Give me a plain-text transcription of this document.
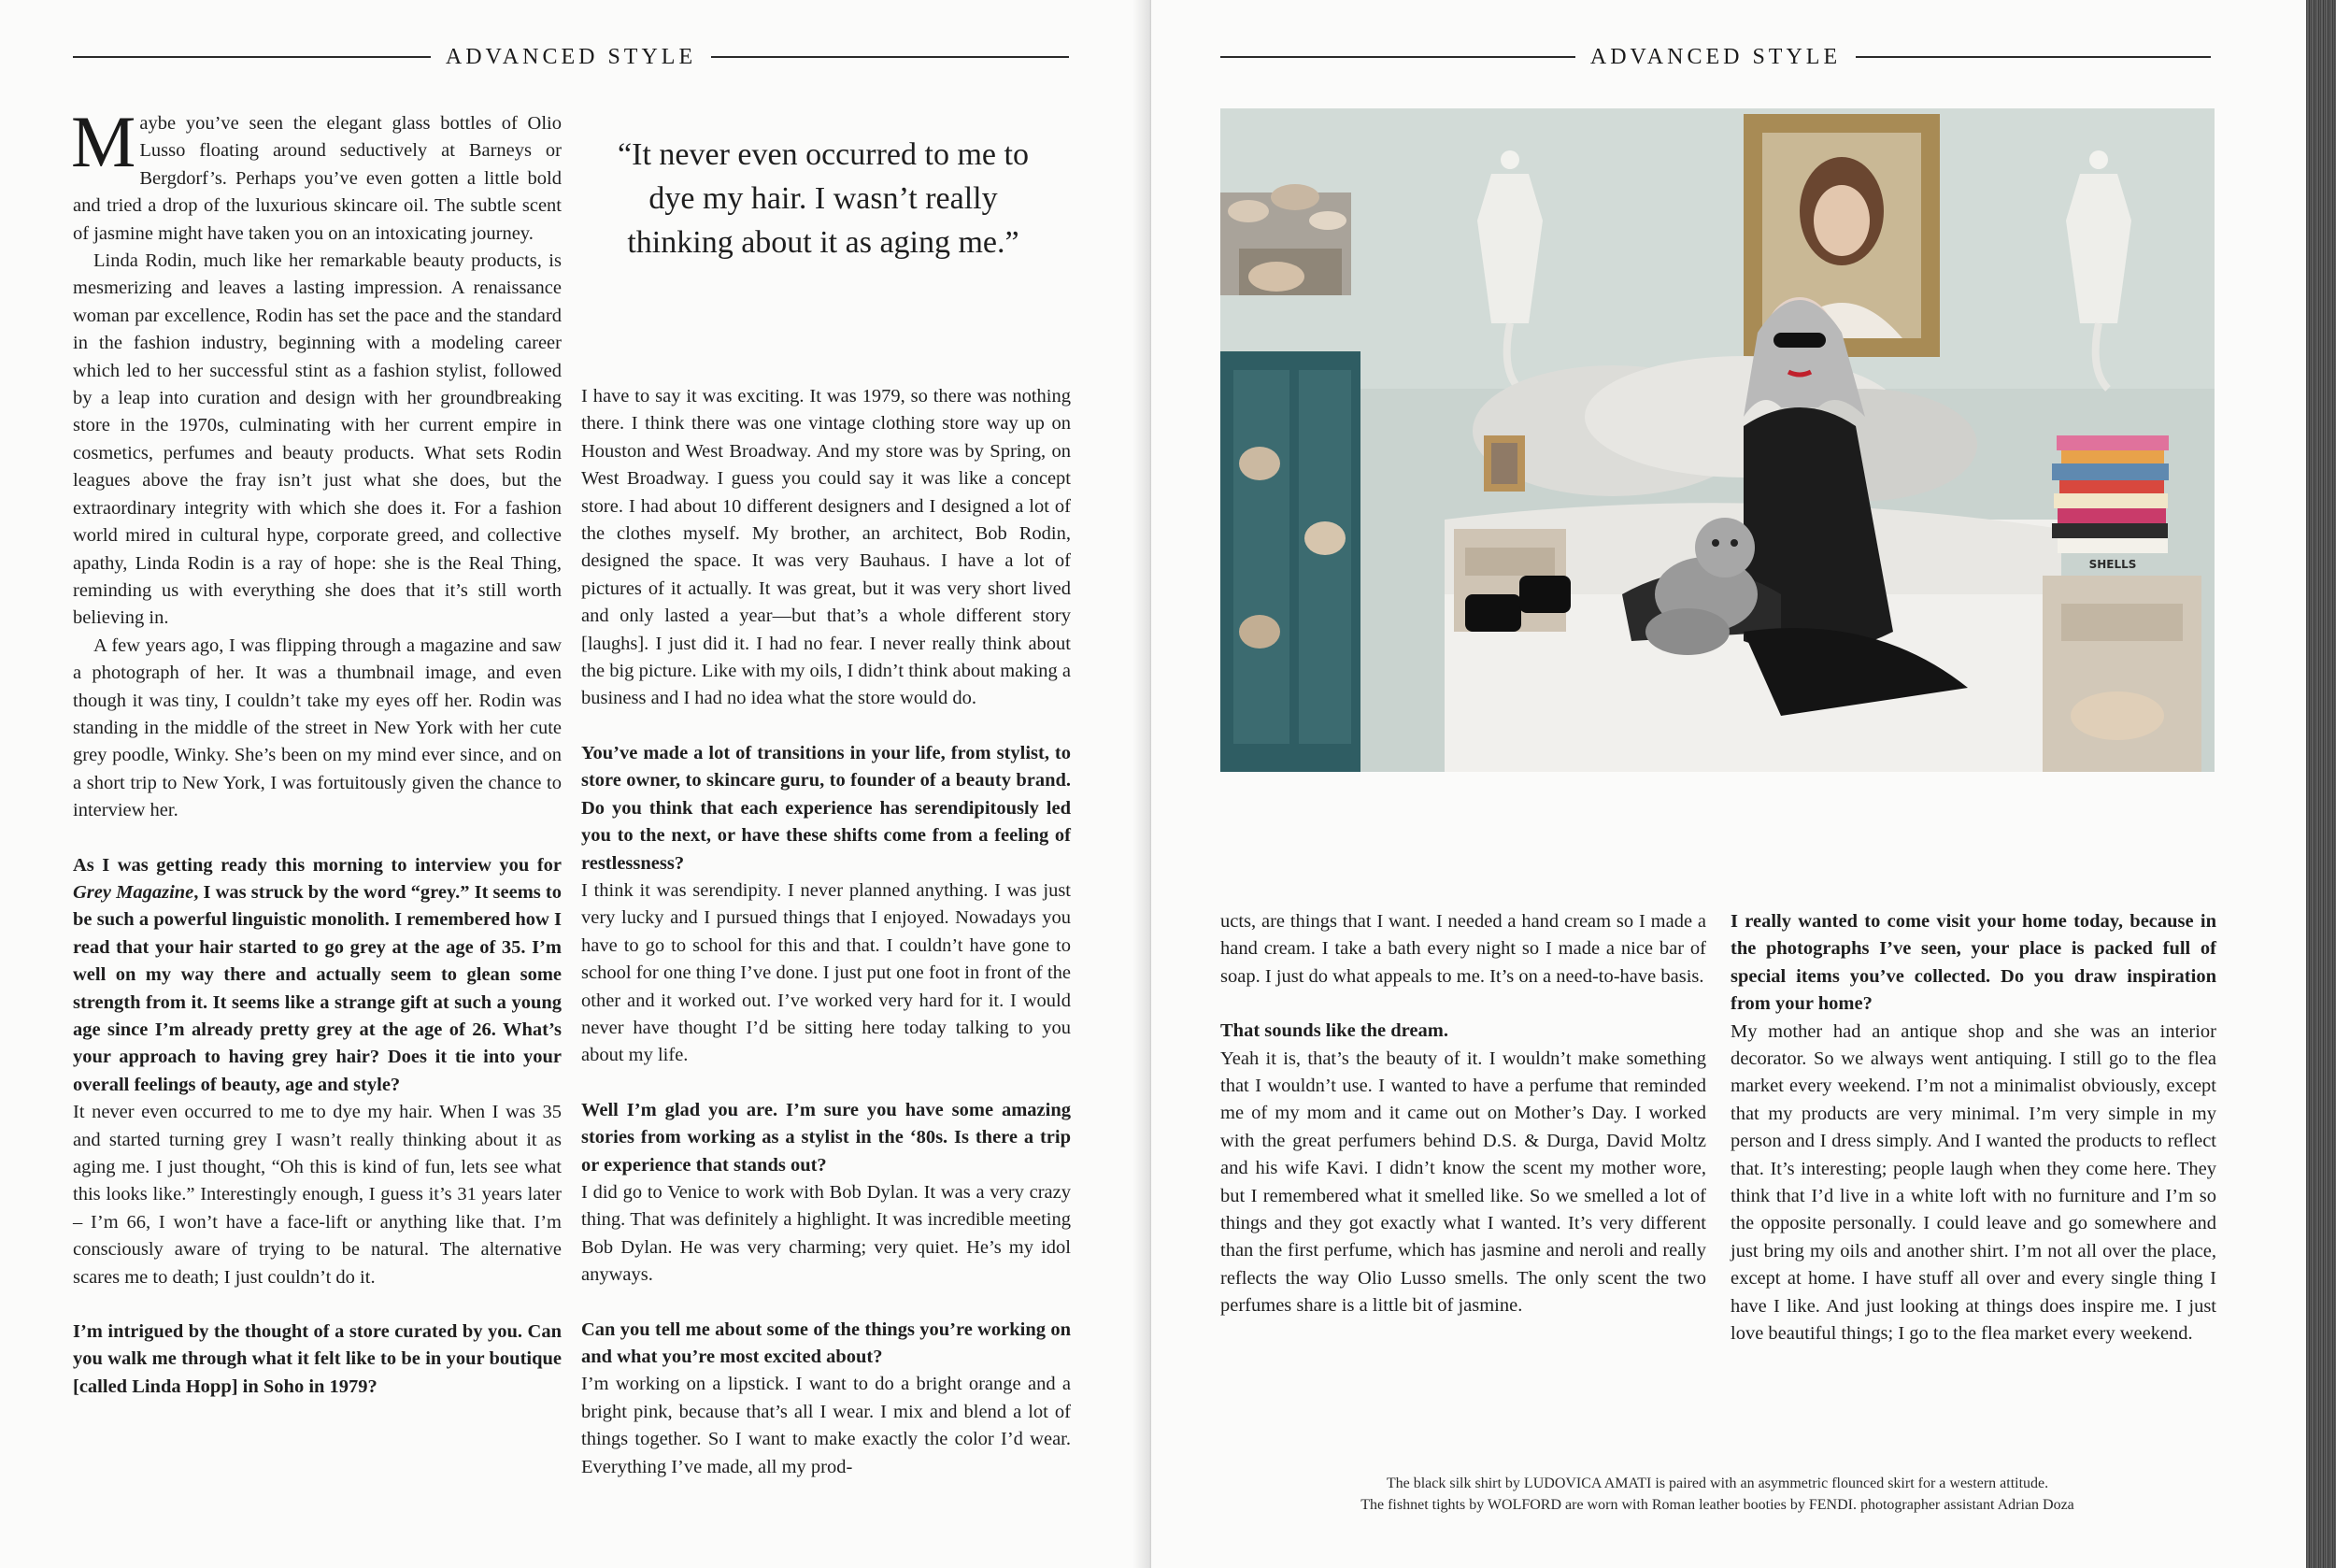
ADVANCED STYLE

Maybe you’ve seen the elegant glass bottles of Olio Lusso floating around seductively at Barneys or Bergdorf’s. Perhaps you’ve even gotten a little bold and tried a drop of the luxurious skincare oil. The subtle scent of jasmine might have taken you on an intoxicating journey.

Linda Rodin, much like her remarkable beauty products, is mesmerizing and leaves a lasting impression. A renaissance woman par excellence, Rodin has set the pace and the standard in the fashion industry, beginning with a modeling career which led to her successful stint as a fashion stylist, followed by a leap into curation and design with her groundbreaking store in the 1970s, culminating with her current empire in cosmetics, perfumes and beauty products. What sets Rodin leagues above the fray isn’t just what she does, but the extraordinary integrity with which she does it. For a fashion world mired in cultural hype, corporate greed, and collective apathy, Linda Rodin is a ray of hope: she is the Real Thing, reminding us with everything she does that it’s still worth believing in.

A few years ago, I was flipping through a magazine and saw a photograph of her. It was a thumbnail image, and even though it was tiny, I couldn’t take my eyes off her. Rodin was standing in the middle of the street in New York with her cute grey poodle, Winky. She’s been on my mind ever since, and on a short trip to New York, I was fortuitously given the chance to interview her.

As I was getting ready this morning to interview you for Grey Magazine, I was struck by the word “grey.” It seems to be such a powerful linguistic monolith. I remembered how I read that your hair started to go grey at the age of 35. I’m well on my way there and actually seem to glean some strength from it. It seems like a strange gift at such a young age since I’m already pretty grey at the age of 26. What’s your approach to having grey hair? Does it tie into your overall feelings of beauty, age and style?

It never even occurred to me to dye my hair. When I was 35 and started turning grey I wasn’t really thinking about it as aging me. I just thought, “Oh this is kind of fun, lets see what this looks like.” Interestingly enough, I guess it’s 31 years later – I’m 66, I won’t have a face-lift or anything like that. I’m consciously aware of trying to be natural. The alternative scares me to death; I just couldn’t do it.

I’m intrigued by the thought of a store curated by you. Can you walk me through what it felt like to be in your boutique [called Linda Hopp] in Soho in 1979?

“It never even occurred to me to dye my hair. I wasn’t really thinking about it as aging me.”

I have to say it was exciting. It was 1979, so there was nothing there. I think there was one vintage clothing store way up on Houston and West Broadway. And my store was by Spring, on West Broadway. I guess you could say it was like a concept store. I had about 10 different designers and I designed a lot of the clothes myself. My brother, an architect, Bob Rodin, designed the space. It was very Bauhaus. I have a lot of pictures of it actually. It was great, but it was very short lived and only lasted a year—but that’s a whole different story [laughs]. I just did it. I had no fear. I never really think about the big picture. Like with my oils, I didn’t think about making a business and I had no idea what the store would do.

You’ve made a lot of transitions in your life, from stylist, to store owner, to skincare guru, to founder of a beauty brand. Do you think that each experience has serendipitously led you to the next, or have these shifts come from a feeling of restlessness?

I think it was serendipity. I never planned anything. I was just very lucky and I pursued things that I enjoyed. Nowadays you have to go to school for this and that. I couldn’t have gone to school for one thing I’ve done. I just put one foot in front of the other and it worked out. I’ve worked very hard for it. I would never have thought I’d be sitting here today talking to you about my life.

Well I’m glad you are. I’m sure you have some amazing stories from working as a stylist in the ‘80s. Is there a trip or experience that stands out?

I did go to Venice to work with Bob Dylan. It was a very crazy thing. That was definitely a highlight. It was incredible meeting Bob Dylan. He was very charming; very quiet. He’s my idol anyways.

Can you tell me about some of the things you’re working on and what you’re most excited about?

I’m working on a lipstick. I want to do a bright orange and a bright pink, because that’s all I wear. I mix and blend a lot of things together. So I want to make exactly the color I’d wear. Everything I’ve made, all my prod-

ADVANCED STYLE
SHELLS

ucts, are things that I want. I needed a hand cream so I made a hand cream. I take a bath every night so I made a nice bar of soap. I just do what appeals to me. It’s on a need-to-have basis.

That sounds like the dream.

Yeah it is, that’s the beauty of it. I wouldn’t make something that I wouldn’t use. I wanted to have a perfume that reminded me of my mom and it came out on Mother’s Day. I worked with the great perfumers behind D.S. & Durga, David Moltz and his wife Kavi. I didn’t know the scent my mother wore, but I remembered what it smelled like. So we smelled a lot of things and they got exactly what I wanted. It’s very different than the first perfume, which has jasmine and neroli and really reflects the way Olio Lusso smells. The only scent the two perfumes share is a little bit of jasmine.

I really wanted to come visit your home today, because in the photographs I’ve seen, your place is packed full of special items you’ve collected. Do you draw inspiration from your home?

My mother had an antique shop and she was an interior decorator. So we always went antiquing. I still go to the flea market every weekend. I’m not a minimalist obviously, except that my products are very minimal. I’m very simple in my person and I dress simply. And I wanted the products to reflect that. It’s interesting; people laugh when they come here. They think that I’d live in a white loft with no furniture and I’m so the opposite personally. I could leave and go somewhere and just bring my oils and another shirt. I’m not all over the place, except at home. I have stuff all over and every single thing I have I like. And just looking at things does inspire me. I just love beautiful things; I go to the flea market every weekend.

The black silk shirt by LUDOVICA AMATI is paired with an asymmetric flounced skirt for a western attitude.
The fishnet tights by WOLFORD are worn with Roman leather booties by FENDI. photographer assistant Adrian Doza
